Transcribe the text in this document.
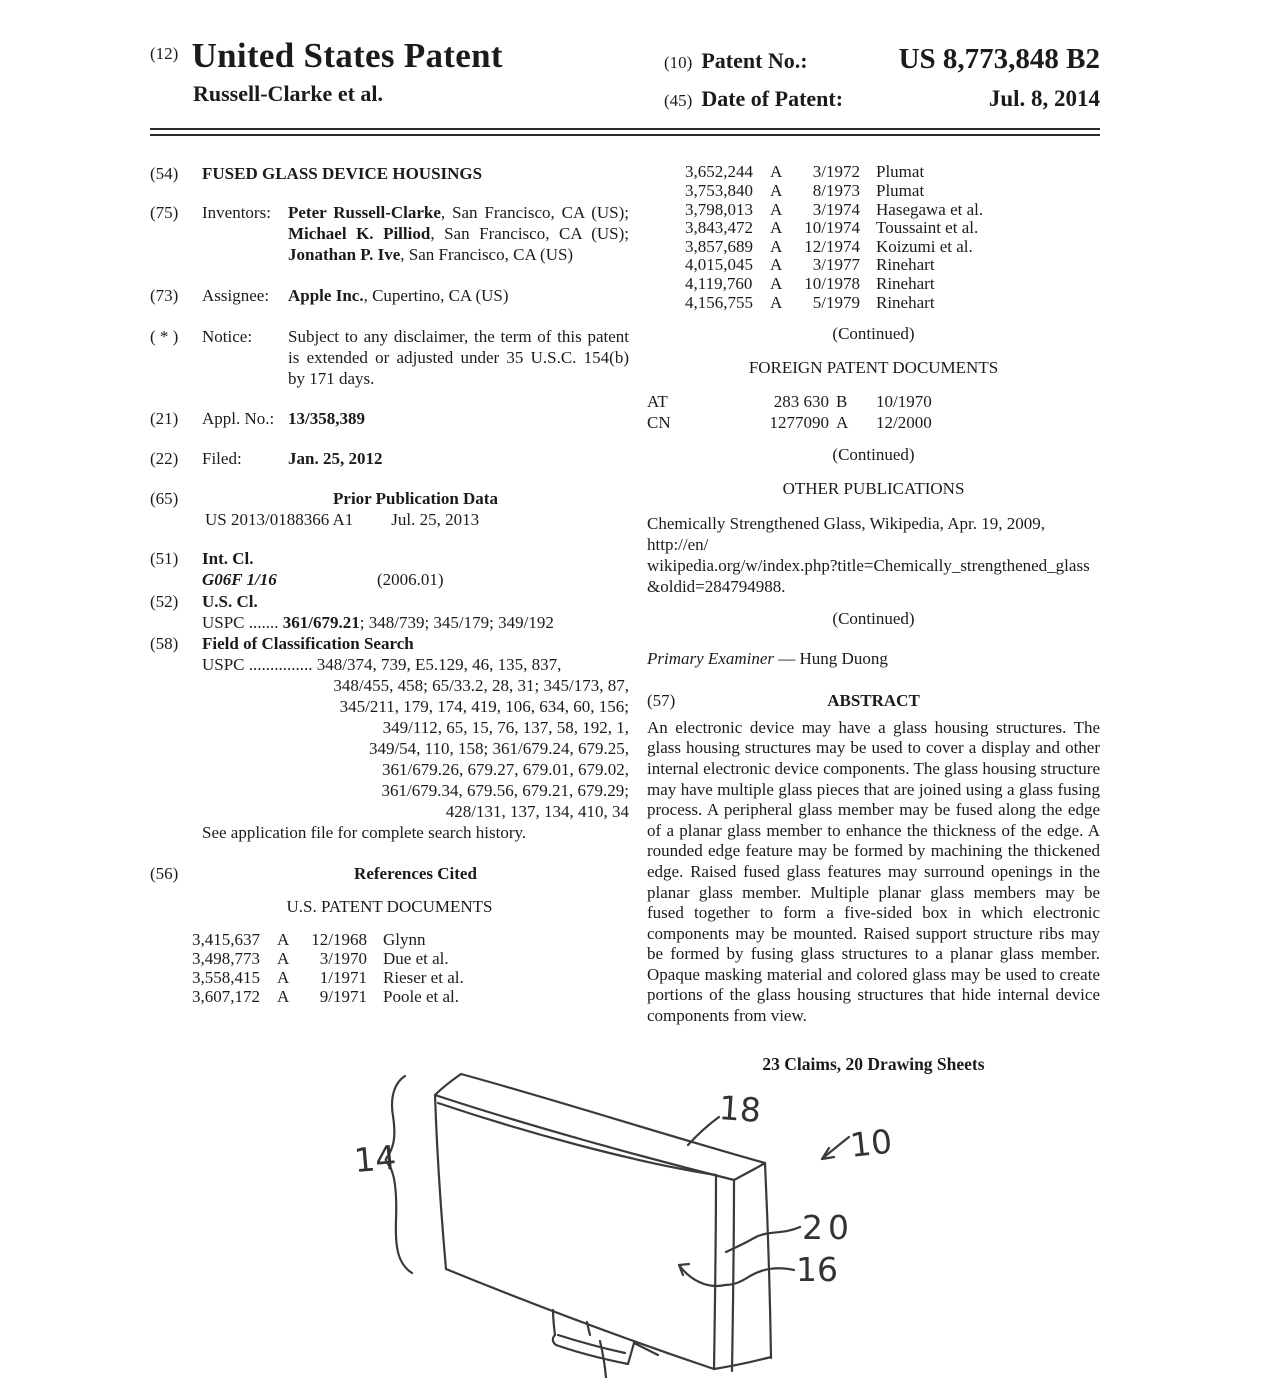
(12) United States Patent
Russell-Clarke et al.
(10) Patent No.:	US 8,773,848 B2
(45) Date of Patent:	Jul. 8, 2014
(54)	FUSED GLASS DEVICE HOUSINGS
(75)	Inventors:	Peter Russell-Clarke, San Francisco, CA (US); Michael K. Pilliod, San Francisco, CA (US); Jonathan P. Ive, San Francisco, CA (US)
(73)	Assignee:	Apple Inc., Cupertino, CA (US)
( * )	Notice:	Subject to any disclaimer, the term of this patent is extended or adjusted under 35 U.S.C. 154(b) by 171 days.
(21)	Appl. No.: 13/358,389
(22)	Filed:	Jan. 25, 2012
(65)	Prior Publication Data
US 2013/0188366 A1 Jul. 25, 2013
(51)	Int. Cl.
G06F 1/16	(2006.01)
(52)	U.S. Cl.
USPC ....... 361/679.21; 348/739; 345/179; 349/192
(58)	Field of Classification Search
USPC ............... 348/374, 739, E5.129, 46, 135, 837,
348/455, 458; 65/33.2, 28, 31; 345/173, 87,
345/211, 179, 174, 419, 106, 634, 60, 156;
349/112, 65, 15, 76, 137, 58, 192, 1,
349/54, 110, 158; 361/679.24, 679.25,
361/679.26, 679.27, 679.01, 679.02,
361/679.34, 679.56, 679.21, 679.29;
428/131, 137, 134, 410, 34
See application file for complete search history.
(56)	References Cited
U.S. PATENT DOCUMENTS
3,415,637	A	12/1968 Glynn
3,498,773	A	3/1970 Due et al.
3,558,415	A	1/1971 Rieser et al.
3,607,172	A	9/1971 Poole et al.
3,652,244	A	3/1972 Plumat
3,753,840	A	8/1973 Plumat
3,798,013	A	3/1974 Hasegawa et al.
3,843,472	A	10/1974 Toussaint et al.
3,857,689	A	12/1974 Koizumi et al.
4,015,045	A	3/1977 Rinehart
4,119,760	A	10/1978 Rinehart
4,156,755	A	5/1979 Rinehart
(Continued)
FOREIGN PATENT DOCUMENTS
AT	283 630 B	10/1970
CN	1277090 A	12/2000
(Continued)
OTHER PUBLICATIONS
Chemically Strengthened Glass, Wikipedia, Apr. 19, 2009, http://en/
wikipedia.org/w/index.php?title=Chemically_strengthened_glass
&oldid=284794988.
(Continued)
Primary Examiner — Hung Duong
(57)	ABSTRACT
An electronic device may have a glass housing structures. The glass housing structures may be used to cover a display and other internal electronic device components. The glass housing structure may have multiple glass pieces that are joined using a glass fusing process. A peripheral glass member may be fused along the edge of a planar glass member to enhance the thickness of the edge. A rounded edge feature may be formed by machining the thickened edge. Raised fused glass features may surround openings in the planar glass member. Multiple planar glass members may be fused together to form a five-sided box in which electronic components may be mounted. Raised support structure ribs may be formed by fusing glass structures to a planar glass member. Opaque masking material and colored glass may be used to create portions of the glass housing structures that hide internal device components from view.
23 Claims, 20 Drawing Sheets
14
18
10
20
16
